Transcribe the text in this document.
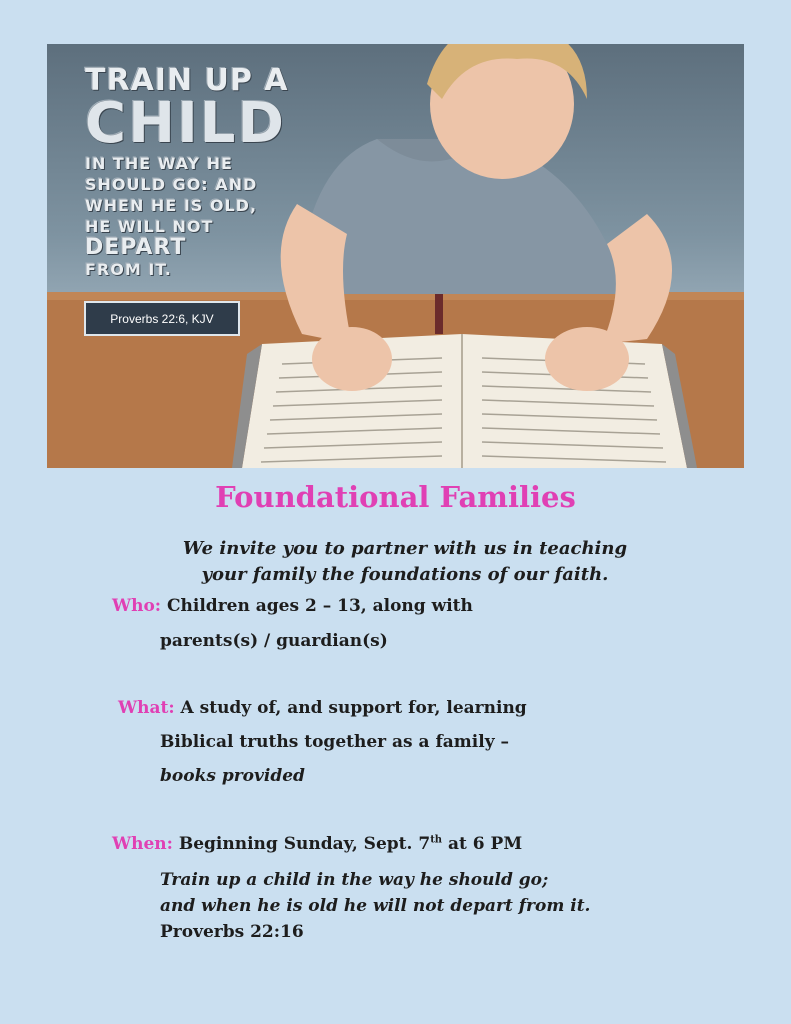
TRAIN UP A
CHILD
IN THE WAY HE
SHOULD GO: AND
WHEN HE IS OLD,
HE WILL NOT
DEPART
FROM IT.
Proverbs 22:6, KJV
Foundational Families
We invite you to partner with us in teaching
your family the foundations of our faith.
Who: Children ages 2 – 13, along with
parents(s) / guardian(s)
What: A study of, and support for, learning
Biblical truths together as a family –
books provided
When: Beginning Sunday, Sept. 7th at 6 PM
Train up a child in the way he should go;
and when he is old he will not depart from it.
Proverbs 22:16
